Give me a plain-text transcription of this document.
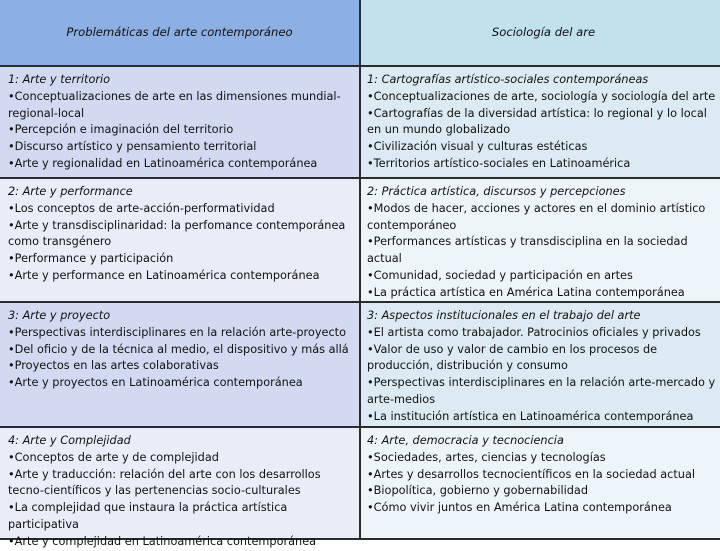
Problemáticas del arte contemporáneo	Sociología del are
1: Arte y territorio
•Conceptualizaciones de arte en las dimensiones mundial-regional-local
•Percepción e imaginación del territorio
•Discurso artístico y pensamiento territorial
•Arte y regionalidad en Latinoamérica contemporánea
1: Cartografías artístico-sociales contemporáneas
•Conceptualizaciones de arte, sociología y sociología del arte
•Cartografías de la diversidad artística: lo regional y lo local en un mundo globalizado
•Civilización visual y culturas estéticas
•Territorios artístico-sociales en Latinoamérica
2: Arte y performance
•Los conceptos de arte-acción-performatividad
•Arte y transdisciplinaridad: la perfomance contemporánea como transgénero
•Performance y participación
•Arte y performance en Latinoamérica contemporánea
2: Práctica artística, discursos y percepciones
•Modos de hacer, acciones y actores en el dominio artístico contemporáneo
•Performances artísticas y transdisciplina en la sociedad actual
•Comunidad, sociedad y participación en artes
•La práctica artística en América Latina contemporánea
3: Arte y proyecto
•Perspectivas interdisciplinares en la relación arte-proyecto
•Del oficio y de la técnica al medio, el dispositivo y más allá
•Proyectos en las artes colaborativas
•Arte y proyectos en Latinoamérica contemporánea
3: Aspectos institucionales en el trabajo del arte
•El artista como trabajador. Patrocinios oficiales y privados
•Valor de uso y valor de cambio en los procesos de producción, distribución y consumo
•Perspectivas interdisciplinares en la relación arte-mercado y arte-medios
•La institución artística en Latinoamérica contemporánea
4: Arte y Complejidad
•Conceptos de arte y de complejidad
•Arte y traducción: relación del arte con los desarrollos tecno-científicos y las pertenencias socio-culturales
•La complejidad que instaura la práctica artística participativa
•Arte y complejidad en Latinoamérica contemporánea
4: Arte, democracia y tecnociencia
•Sociedades, artes, ciencias y tecnologías
•Artes y desarrollos tecnocientíficos en la sociedad actual
•Biopolítica, gobierno y gobernabilidad
•Cómo vivir juntos en América Latina contemporánea
